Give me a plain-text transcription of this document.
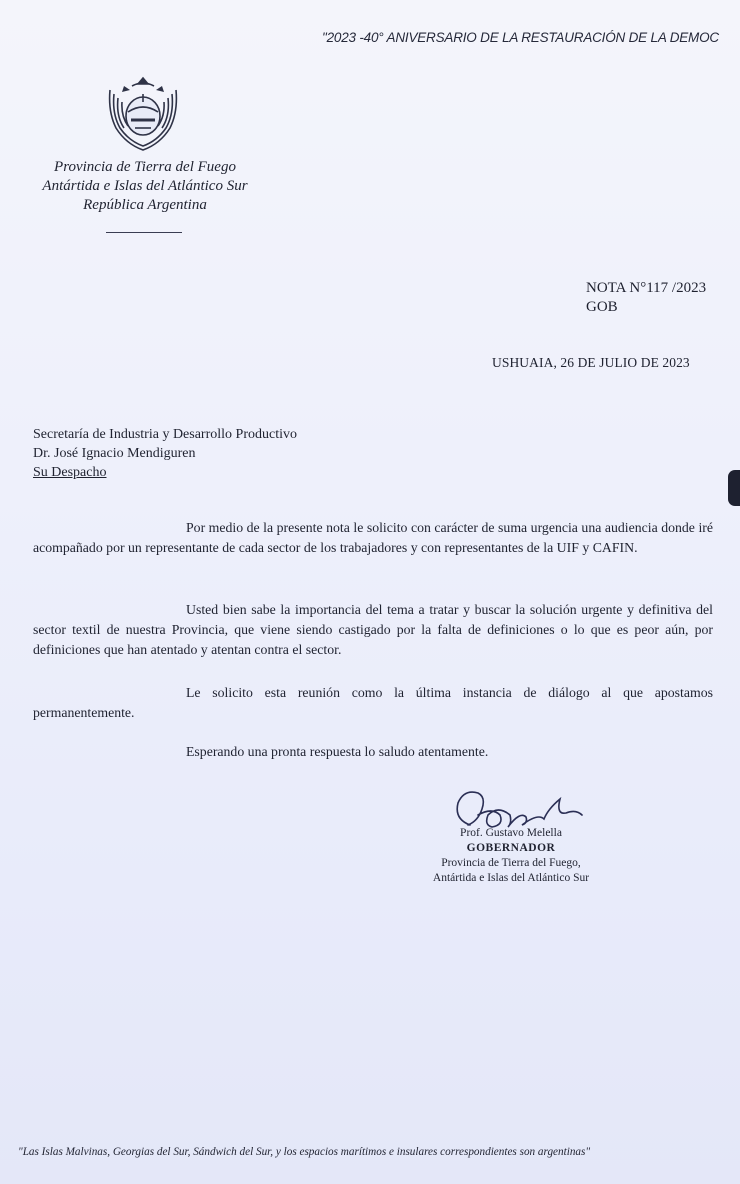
"2023 -40° ANIVERSARIO DE LA RESTAURACIÓN DE LA DEMOC
Provincia de Tierra del Fuego
Antártida e Islas del Atlántico Sur
República Argentina
NOTA N°117 /2023
GOB
USHUAIA, 26 DE JULIO DE 2023
Secretaría de Industria y Desarrollo Productivo
Dr. José Ignacio Mendiguren
Su Despacho
Por medio de la presente nota le solicito con carácter de suma urgencia una audiencia donde iré acompañado por un representante de cada sector de los trabajadores y con representantes de la UIF y CAFIN.
Usted bien sabe la importancia del tema a tratar y buscar la solución urgente y definitiva del sector textil de nuestra Provincia, que viene siendo castigado por la falta de definiciones o lo que es peor aún, por definiciones que han atentado y atentan contra el sector.
Le solicito esta reunión como la última instancia de diálogo al que apostamos permanentemente.
Esperando una pronta respuesta lo saludo atentamente.
Prof. Gustavo Melella
GOBERNADOR
Provincia de Tierra del Fuego,
Antártida e Islas del Atlántico Sur
"Las Islas Malvinas, Georgias del Sur, Sándwich del Sur, y los espacios marítimos e insulares correspondientes son argentinas"
